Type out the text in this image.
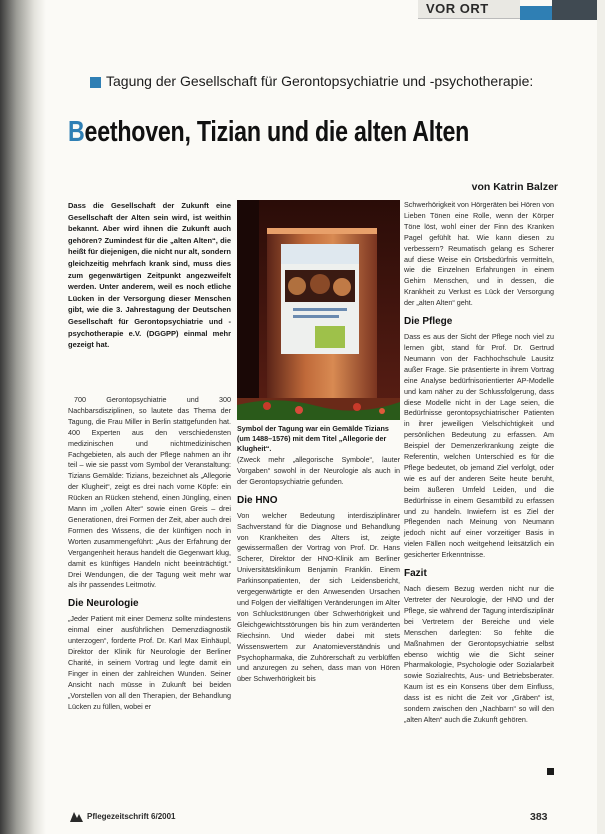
VOR ORT
Tagung der Gesellschaft für Gerontopsychiatrie und -psychotherapie:
Beethoven, Tizian und die alten Alten
von Katrin Balzer
Dass die Gesellschaft der Zukunft eine Gesellschaft der Alten sein wird, ist weithin bekannt. Aber wird ihnen die Zukunft auch gehören? Zumindest für die „alten Alten“, die heißt für diejenigen, die nicht nur alt, sondern gleichzeitig mehrfach krank sind, muss dies zum gegenwärtigen Zeitpunkt angezweifelt werden. Unter anderem, weil es noch etliche Lücken in der Versorgung dieser Menschen gibt, wie die 3. Jahrestagung der Deutschen Gesellschaft für Gerontopsychiatrie und -psychotherapie e.V. (DGGPP) einmal mehr gezeigt hat.

700 Gerontopsychiatrie und 300 Nachbarsdisziplinen, so lautete das Thema der Tagung, die Frau Miller in Berlin stattgefunden hat. 400 Experten aus den verschiedensten medizinischen und nichtmedizinischen Fachgebieten, als auch der Pflege nahmen an ihr teil – wie sie passt vom Symbol der Veranstaltung: Tizians Gemälde: Tizians, bezeichnet als „Allegorie der Klugheit“, zeigt es drei nach vorne Köpfe: ein Rücken an Rücken stehend, einen Jüngling, einen Mann im „vollen Alter“ sowie einen Greis – drei Generationen, drei Formen der Zeit, aber auch drei Formen des Wissens, die der künftigen noch in Worten zusammengeführt: „Aus der Erfahrung der Vergangenheit heraus handelt die Gegenwart klug, damit es künftiges Handeln nicht beeinträchtigt.“ Drei Wendungen, die der Tagung weit mehr war als ihr passendes Leitmotiv.

Die Neurologie

„Jeder Patient mit einer Demenz sollte mindestens einmal einer ausführlichen Demenzdiagnostik unterzogen“, forderte Prof. Dr. Karl Max Einhäupl, Direktor der Klinik für Neurologie der Berliner Charité, in seinem Vortrag und legte damit ein Finger in einen der zahlreichen Wunden. Seiner Ansicht nach müsse in Zukunft bei beiden „Vorstellen von all den Therapien, der Behandlung Lücken zu füllen, wobei er

Symbol der Tagung war ein Gemälde Tizians (um 1488–1576) mit dem Titel „Allegorie der Klugheit“.

(Zweck mehr „allegorische Symbole“, lauter Vorgaben“ sowohl in der Neurologie als auch in der Gerontopsychiatrie gefunden.

Die HNO

Von welcher Bedeutung interdisziplinärer Sachverstand für die Diagnose und Behandlung von Krankheiten des Alters ist, zeigte gewissermaßen der Vortrag von Prof. Dr. Hans Scherer, Direktor der HNO-Klinik am Berliner Universitätsklinikum Benjamin Franklin. Einem Parkinsonpatienten, der sich Leidensbericht, vergegenwärtigte er den Anwesenden Ursachen und Folgen der vielfältigen Veränderungen im Alter von Schluckstörungen über Schwerhörigkeit und Gleichgewichtsstörungen bis hin zum veränderten Riechsinn. Und wieder dabei mit stets Wissenswertem zur Anatomieverständnis und Psychopharmaka, die Zuhörerschaft zu verblüffen und anzuregen zu sehen, dass man von Hören über Schwerhörigkeit bis

Schwerhörigkeit von Hörgeräten bei Hören von Lieben Tönen eine Rolle, wenn der Körper Töne löst, wohl einer der Finn des Kranken Pagel gefühlt hat. Wie kann diesen zu verbessern? Reumatisch gelang es Scherer auf diese Weise ein Ortsbedürfnis vermitteln, wie die Einzelnen Erfahrungen in einem Gehirn Menschen, und in dessen, die Krankheit zu Verlust es Lück der Versorgung der „alten Alten“ geht.

Die Pflege

Dass es aus der Sicht der Pflege noch viel zu lernen gibt, stand für Prof. Dr. Gertrud Neumann von der Fachhochschule Lausitz außer Frage. Sie präsentierte in ihrem Vortrag eine Analyse bedürfnisorientierter AP-Modelle und kam näher zu der Schlussfolgerung, dass diese Modelle nicht in der Lage seien, die Bedürfnisse gerontopsychiatrischer Patienten in ihrer jeweiligen Vielschichtigkeit und persönlichen Bedeutung zu erfassen. Am Beispiel der Demenzerkrankung zeigte die Referentin, welchen Unterschied es für die Pflege bedeutet, ob jemand Ziel verfolgt, oder wie es auf der anderen Seite heute beruht, beim äußeren Umfeld Leiden, und die Bedürfnisse in einem Gesamtbild zu erfassen und zu handeln. Inwiefern ist es Ziel der Pflegenden nach Meinung von Neumann jedoch nicht auf einer vorzeitiger Basis in vielen Fällen noch weitgehend leitsätzlich ein gesicherter Erkenntnisse.

Fazit

Nach diesem Bezug werden nicht nur die Vertreter der Neurologie, der HNO und der Pflege, sie während der Tagung interdisziplinär bei Vertretern der Bereiche und viele Menschen darlegten: So fehlte die Maßnahmen der Gerontopsychiatrie selbst ebenso wichtig wie die Sicht seiner Pharmakologie, Psychologie oder Sozialarbeit sowie Sozialrechts, Aus- und Betriebsberater. Kaum ist es ein Konsens über dem Einfluss, dass ist es nicht die Zeit vor „Gräben“ ist, sondern zwischen den „Nachbarn“ so will den „alten Alten“ auch die Zukunft gehören.

Pflegezeitschrift 6/2001	383
